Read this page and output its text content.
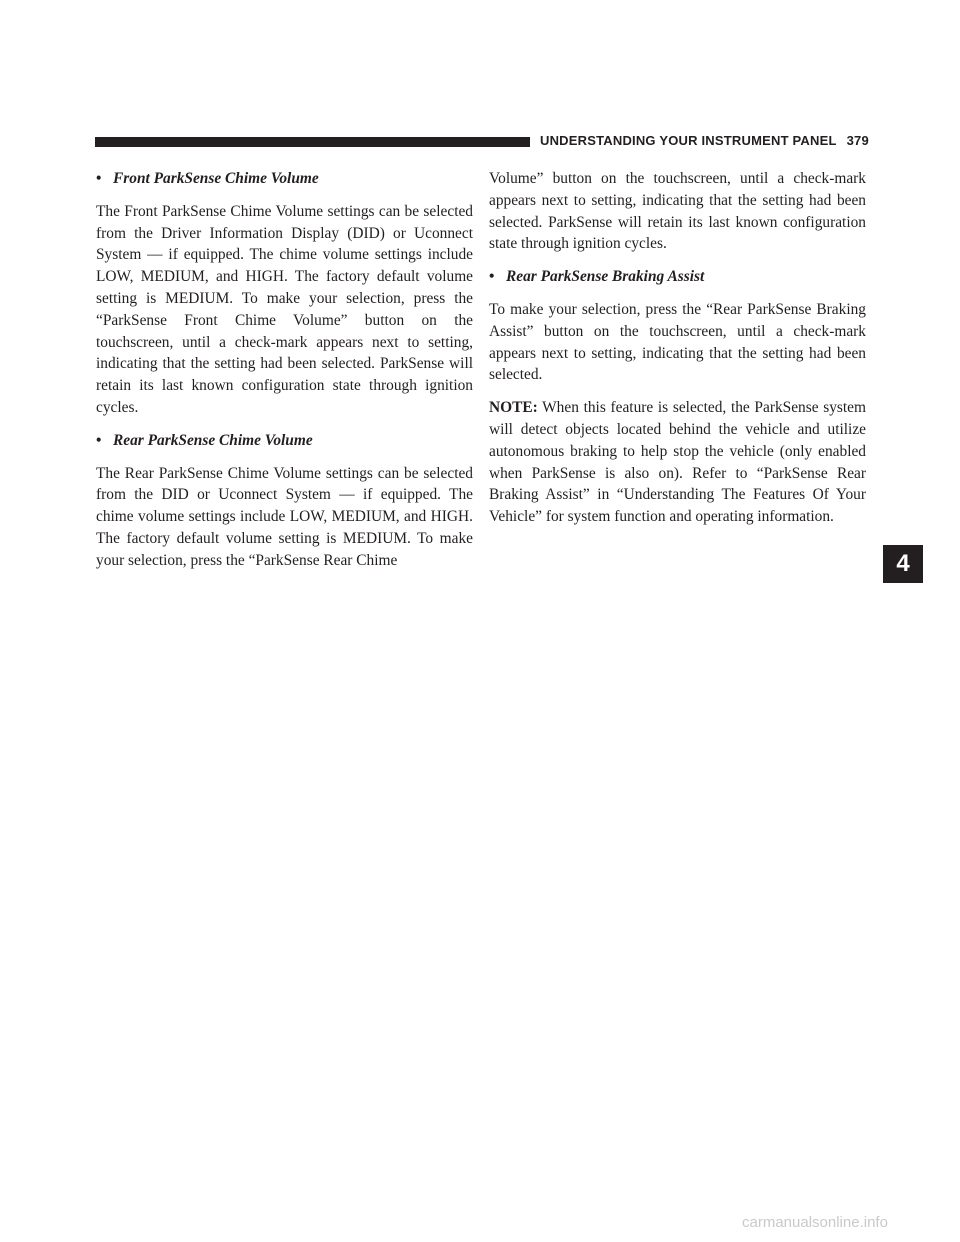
UNDERSTANDING YOUR INSTRUMENT PANEL 379
4

• Front ParkSense Chime Volume

The Front ParkSense Chime Volume settings can be selected from the Driver Information Display (DID) or Uconnect System — if equipped. The chime volume settings include LOW, MEDIUM, and HIGH. The factory default volume setting is MEDIUM. To make your selection, press the “ParkSense Front Chime Volume” button on the touchscreen, until a check-mark appears next to setting, indicating that the setting had been selected. ParkSense will retain its last known configuration state through ignition cycles.

• Rear ParkSense Chime Volume

The Rear ParkSense Chime Volume settings can be selected from the DID or Uconnect System — if equipped. The chime volume settings include LOW, MEDIUM, and HIGH. The factory default volume setting is MEDIUM. To make your selection, press the “ParkSense Rear Chime

Volume” button on the touchscreen, until a check-mark appears next to setting, indicating that the setting had been selected. ParkSense will retain its last known configuration state through ignition cycles.

• Rear ParkSense Braking Assist

To make your selection, press the “Rear ParkSense Braking Assist” button on the touchscreen, until a check-mark appears next to setting, indicating that the setting had been selected.

NOTE: When this feature is selected, the ParkSense system will detect objects located behind the vehicle and utilize autonomous braking to help stop the vehicle (only enabled when ParkSense is also on). Refer to “ParkSense Rear Braking Assist” in “Understanding The Features Of Your Vehicle” for system function and operating information.

carmanualsonline.info
